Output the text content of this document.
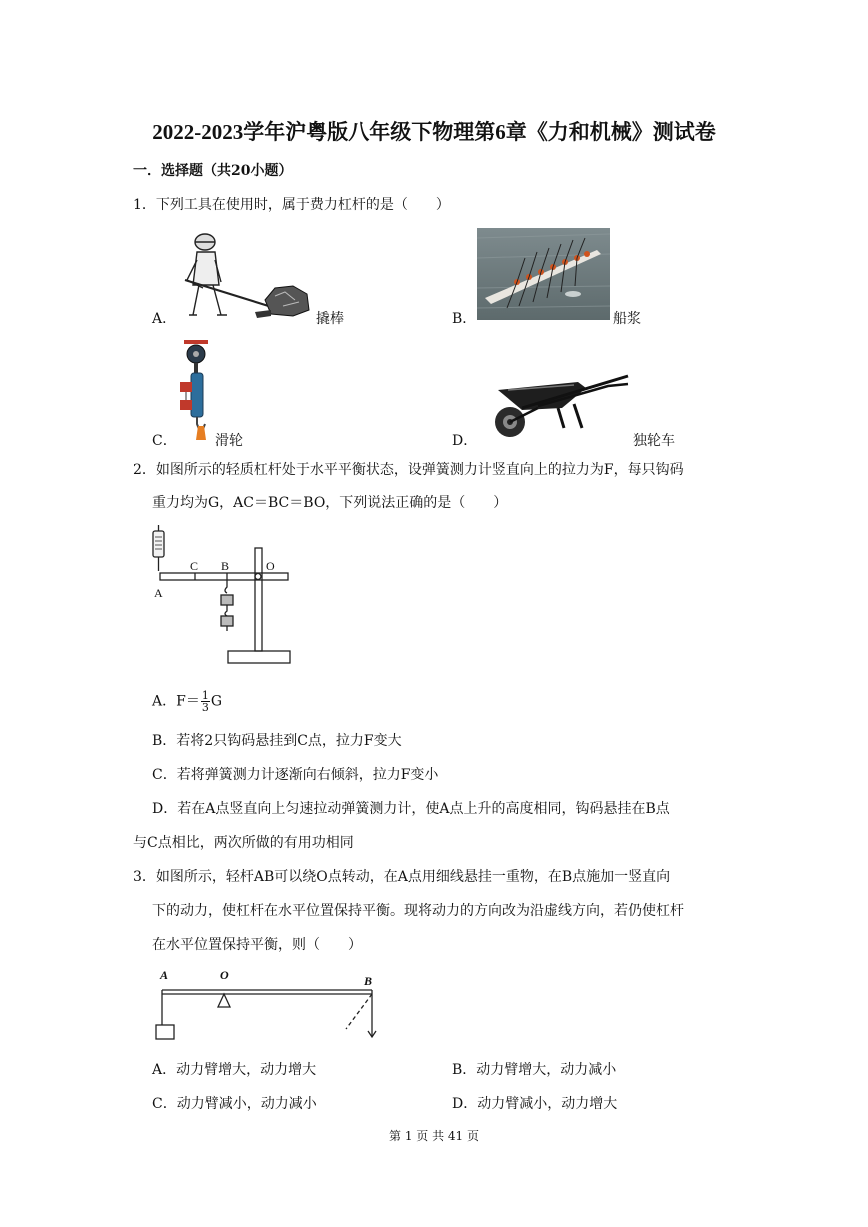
2022-2023学年沪粤版八年级下物理第6章《力和机械》测试卷
一．选择题（共20小题）
1．下列工具在使用时，属于费力杠杆的是（　　）
A．	撬棒	B．	船浆
C．	滑轮	D．	独轮车
2．如图所示的轻质杠杆处于水平平衡状态，设弹簧测力计竖直向上的拉力为F，每只钩码
重力均为G，AC＝BC＝BO，下列说法正确的是（　　）
A
C B	O
A．$F= \frac{1}{3}$ G
B．若将2只钩码悬挂到C点，拉力F变大
C．若将弹簧测力计逐渐向右倾斜，拉力F变小
D．若在A点竖直向上匀速拉动弹簧测力计，使A点上升的高度相同，钩码悬挂在B点
与C点相比，两次所做的有用功相同
3．如图所示，轻杆AB可以绕O点转动，在A点用细线悬挂一重物，在B点施加一竖直向
下的动力，使杠杆在水平位置保持平衡。现将动力的方向改为沿虚线方向，若仍使杠杆
在水平位置保持平衡，则（　　）
A	O	B
A．动力臂增大，动力增大	B．动力臂增大，动力减小
C．动力臂减小，动力减小	D．动力臂减小，动力增大
第 1 页 共 41 页
